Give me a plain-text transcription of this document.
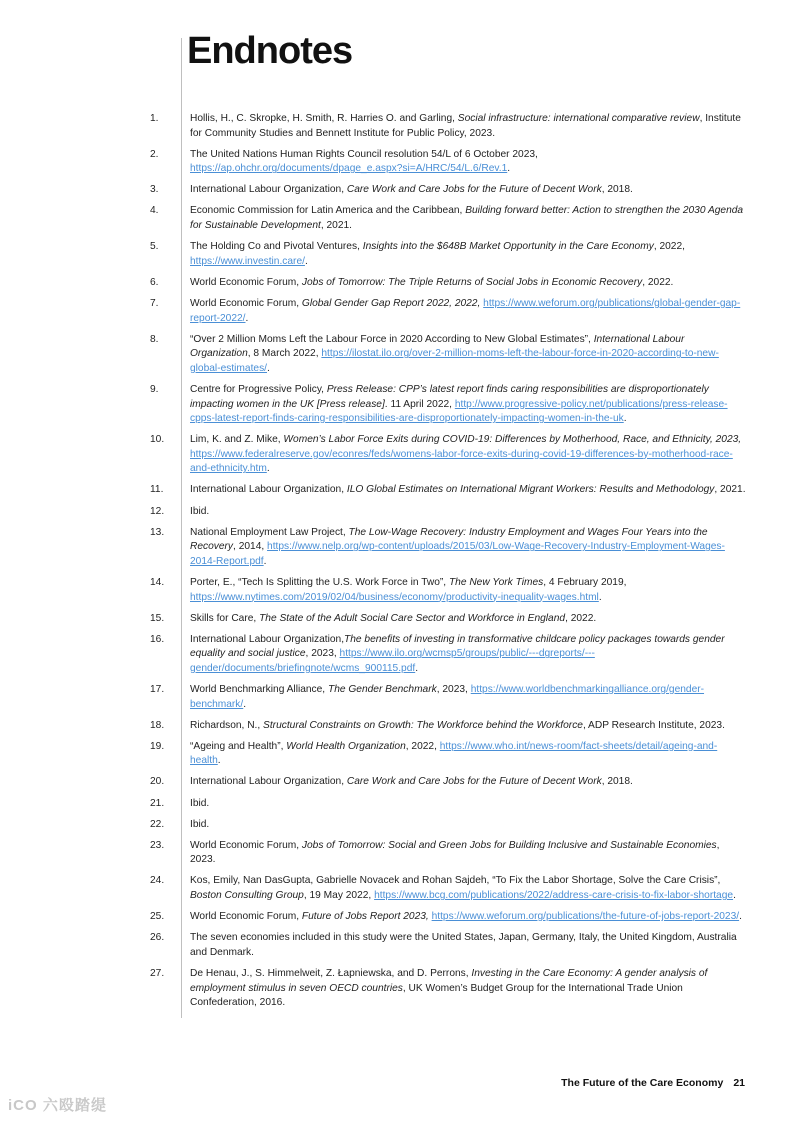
Endnotes
1.	Hollis, H., C. Skropke, H. Smith, R. Harries O. and Garling, Social infrastructure: international comparative review, Institute for Community Studies and Bennett Institute for Public Policy, 2023.
2.	The United Nations Human Rights Council resolution 54/L of 6 October 2023, https://ap.ohchr.org/documents/dpage_e.aspx?si=A/HRC/54/L.6/Rev.1.
3.	International Labour Organization, Care Work and Care Jobs for the Future of Decent Work, 2018.
4.	Economic Commission for Latin America and the Caribbean, Building forward better: Action to strengthen the 2030 Agenda for Sustainable Development, 2021.
5.	The Holding Co and Pivotal Ventures, Insights into the $648B Market Opportunity in the Care Economy, 2022, https://www.investin.care/.
6.	World Economic Forum, Jobs of Tomorrow: The Triple Returns of Social Jobs in Economic Recovery, 2022.
7.	World Economic Forum, Global Gender Gap Report 2022, 2022, https://www.weforum.org/publications/global-gender-gap-report-2022/.
8.	“Over 2 Million Moms Left the Labour Force in 2020 According to New Global Estimates”, International Labour Organization, 8 March 2022, https://ilostat.ilo.org/over-2-million-moms-left-the-labour-force-in-2020-according-to-new-global-estimates/.
9.	Centre for Progressive Policy, Press Release: CPP’s latest report finds caring responsibilities are disproportionately impacting women in the UK [Press release]. 11 April 2022, http://www.progressive-policy.net/publications/press-release-cpps-latest-report-finds-caring-responsibilities-are-disproportionately-impacting-women-in-the-uk.
10.	Lim, K. and Z. Mike, Women’s Labor Force Exits during COVID-19: Differences by Motherhood, Race, and Ethnicity, 2023, https://www.federalreserve.gov/econres/feds/womens-labor-force-exits-during-covid-19-differences-by-motherhood-race-and-ethnicity.htm.
11.	International Labour Organization, ILO Global Estimates on International Migrant Workers: Results and Methodology, 2021.
12.	Ibid.
13.	National Employment Law Project, The Low-Wage Recovery: Industry Employment and Wages Four Years into the Recovery, 2014, https://www.nelp.org/wp-content/uploads/2015/03/Low-Wage-Recovery-Industry-Employment-Wages-2014-Report.pdf.
14.	Porter, E., “Tech Is Splitting the U.S. Work Force in Two”, The New York Times, 4 February 2019, https://www.nytimes.com/2019/02/04/business/economy/productivity-inequality-wages.html.
15.	Skills for Care, The State of the Adult Social Care Sector and Workforce in England, 2022.
16.	International Labour Organization,The benefits of investing in transformative childcare policy packages towards gender equality and social justice, 2023, https://www.ilo.org/wcmsp5/groups/public/---dgreports/---gender/documents/briefingnote/wcms_900115.pdf.
17.	World Benchmarking Alliance, The Gender Benchmark, 2023, https://www.worldbenchmarkingalliance.org/gender-benchmark/.
18.	Richardson, N., Structural Constraints on Growth: The Workforce behind the Workforce, ADP Research Institute, 2023.
19.	“Ageing and Health”, World Health Organization, 2022, https://www.who.int/news-room/fact-sheets/detail/ageing-and-health.
20.	International Labour Organization, Care Work and Care Jobs for the Future of Decent Work, 2018.
21.	Ibid.
22.	Ibid.
23.	World Economic Forum, Jobs of Tomorrow: Social and Green Jobs for Building Inclusive and Sustainable Economies, 2023.
24.	Kos, Emily, Nan DasGupta, Gabrielle Novacek and Rohan Sajdeh, “To Fix the Labor Shortage, Solve the Care Crisis”, Boston Consulting Group, 19 May 2022, https://www.bcg.com/publications/2022/address-care-crisis-to-fix-labor-shortage.
25.	World Economic Forum, Future of Jobs Report 2023, https://www.weforum.org/publications/the-future-of-jobs-report-2023/.
26.	The seven economies included in this study were the United States, Japan, Germany, Italy, the United Kingdom, Australia and Denmark.
27.	De Henau, J., S. Himmelweit, Z. Łapniewska, and D. Perrons, Investing in the Care Economy: A gender analysis of employment stimulus in seven OECD countries, UK Women’s Budget Group for the International Trade Union Confederation, 2016.
The Future of the Care Economy 21
iCO 六殴踏缇
